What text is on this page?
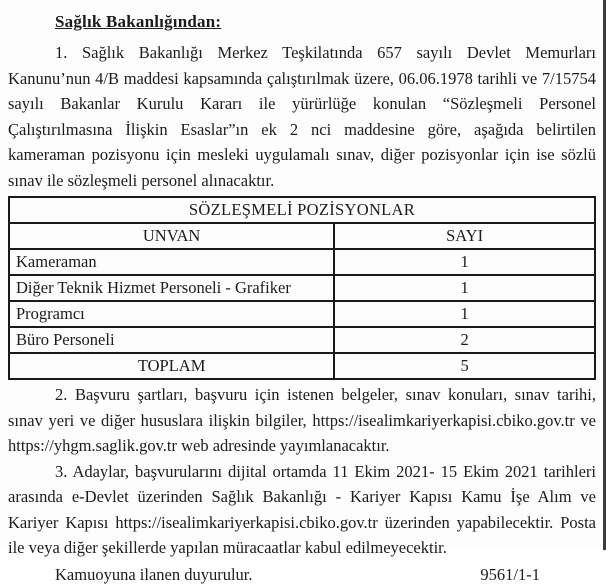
Sağlık Bakanlığından:

1. Sağlık Bakanlığı Merkez Teşkilatında 657 sayılı Devlet Memurları Kanunu’nun 4/B maddesi kapsamında çalıştırılmak üzere, 06.06.1978 tarihli ve 7/15754 sayılı Bakanlar Kurulu Kararı ile yürürlüğe konulan “Sözleşmeli Personel Çalıştırılmasına İlişkin Esaslar”ın ek 2 nci maddesine göre, aşağıda belirtilen kameraman pozisyonu için mesleki uygulamalı sınav, diğer pozisyonlar için ise sözlü sınav ile sözleşmeli personel alınacaktır.

SÖZLEŞMELİ POZİSYONLAR	
UNVAN	SAYI
Kameraman	1
Diğer Teknik Hizmet Personeli - Grafiker	1
Programcı	1
Büro Personeli	2
TOPLAM	5

2. Başvuru şartları, başvuru için istenen belgeler, sınav konuları, sınav tarihi, sınav yeri ve diğer hususlara ilişkin bilgiler, https://isealimkariyerkapisi.cbiko.gov.tr ve https://yhgm.saglik.gov.tr web adresinde yayımlanacaktır.

3. Adaylar, başvurularını dijital ortamda 11 Ekim 2021- 15 Ekim 2021 tarihleri arasında e-Devlet üzerinden Sağlık Bakanlığı - Kariyer Kapısı Kamu İşe Alım ve Kariyer Kapısı https://isealimkariyerkapisi.cbiko.gov.tr üzerinden yapabilecektir. Posta ile veya diğer şekillerde yapılan müracaatlar kabul edilmeyecektir.

Kamuoyuna ilanen duyurulur.	9561/1-1
